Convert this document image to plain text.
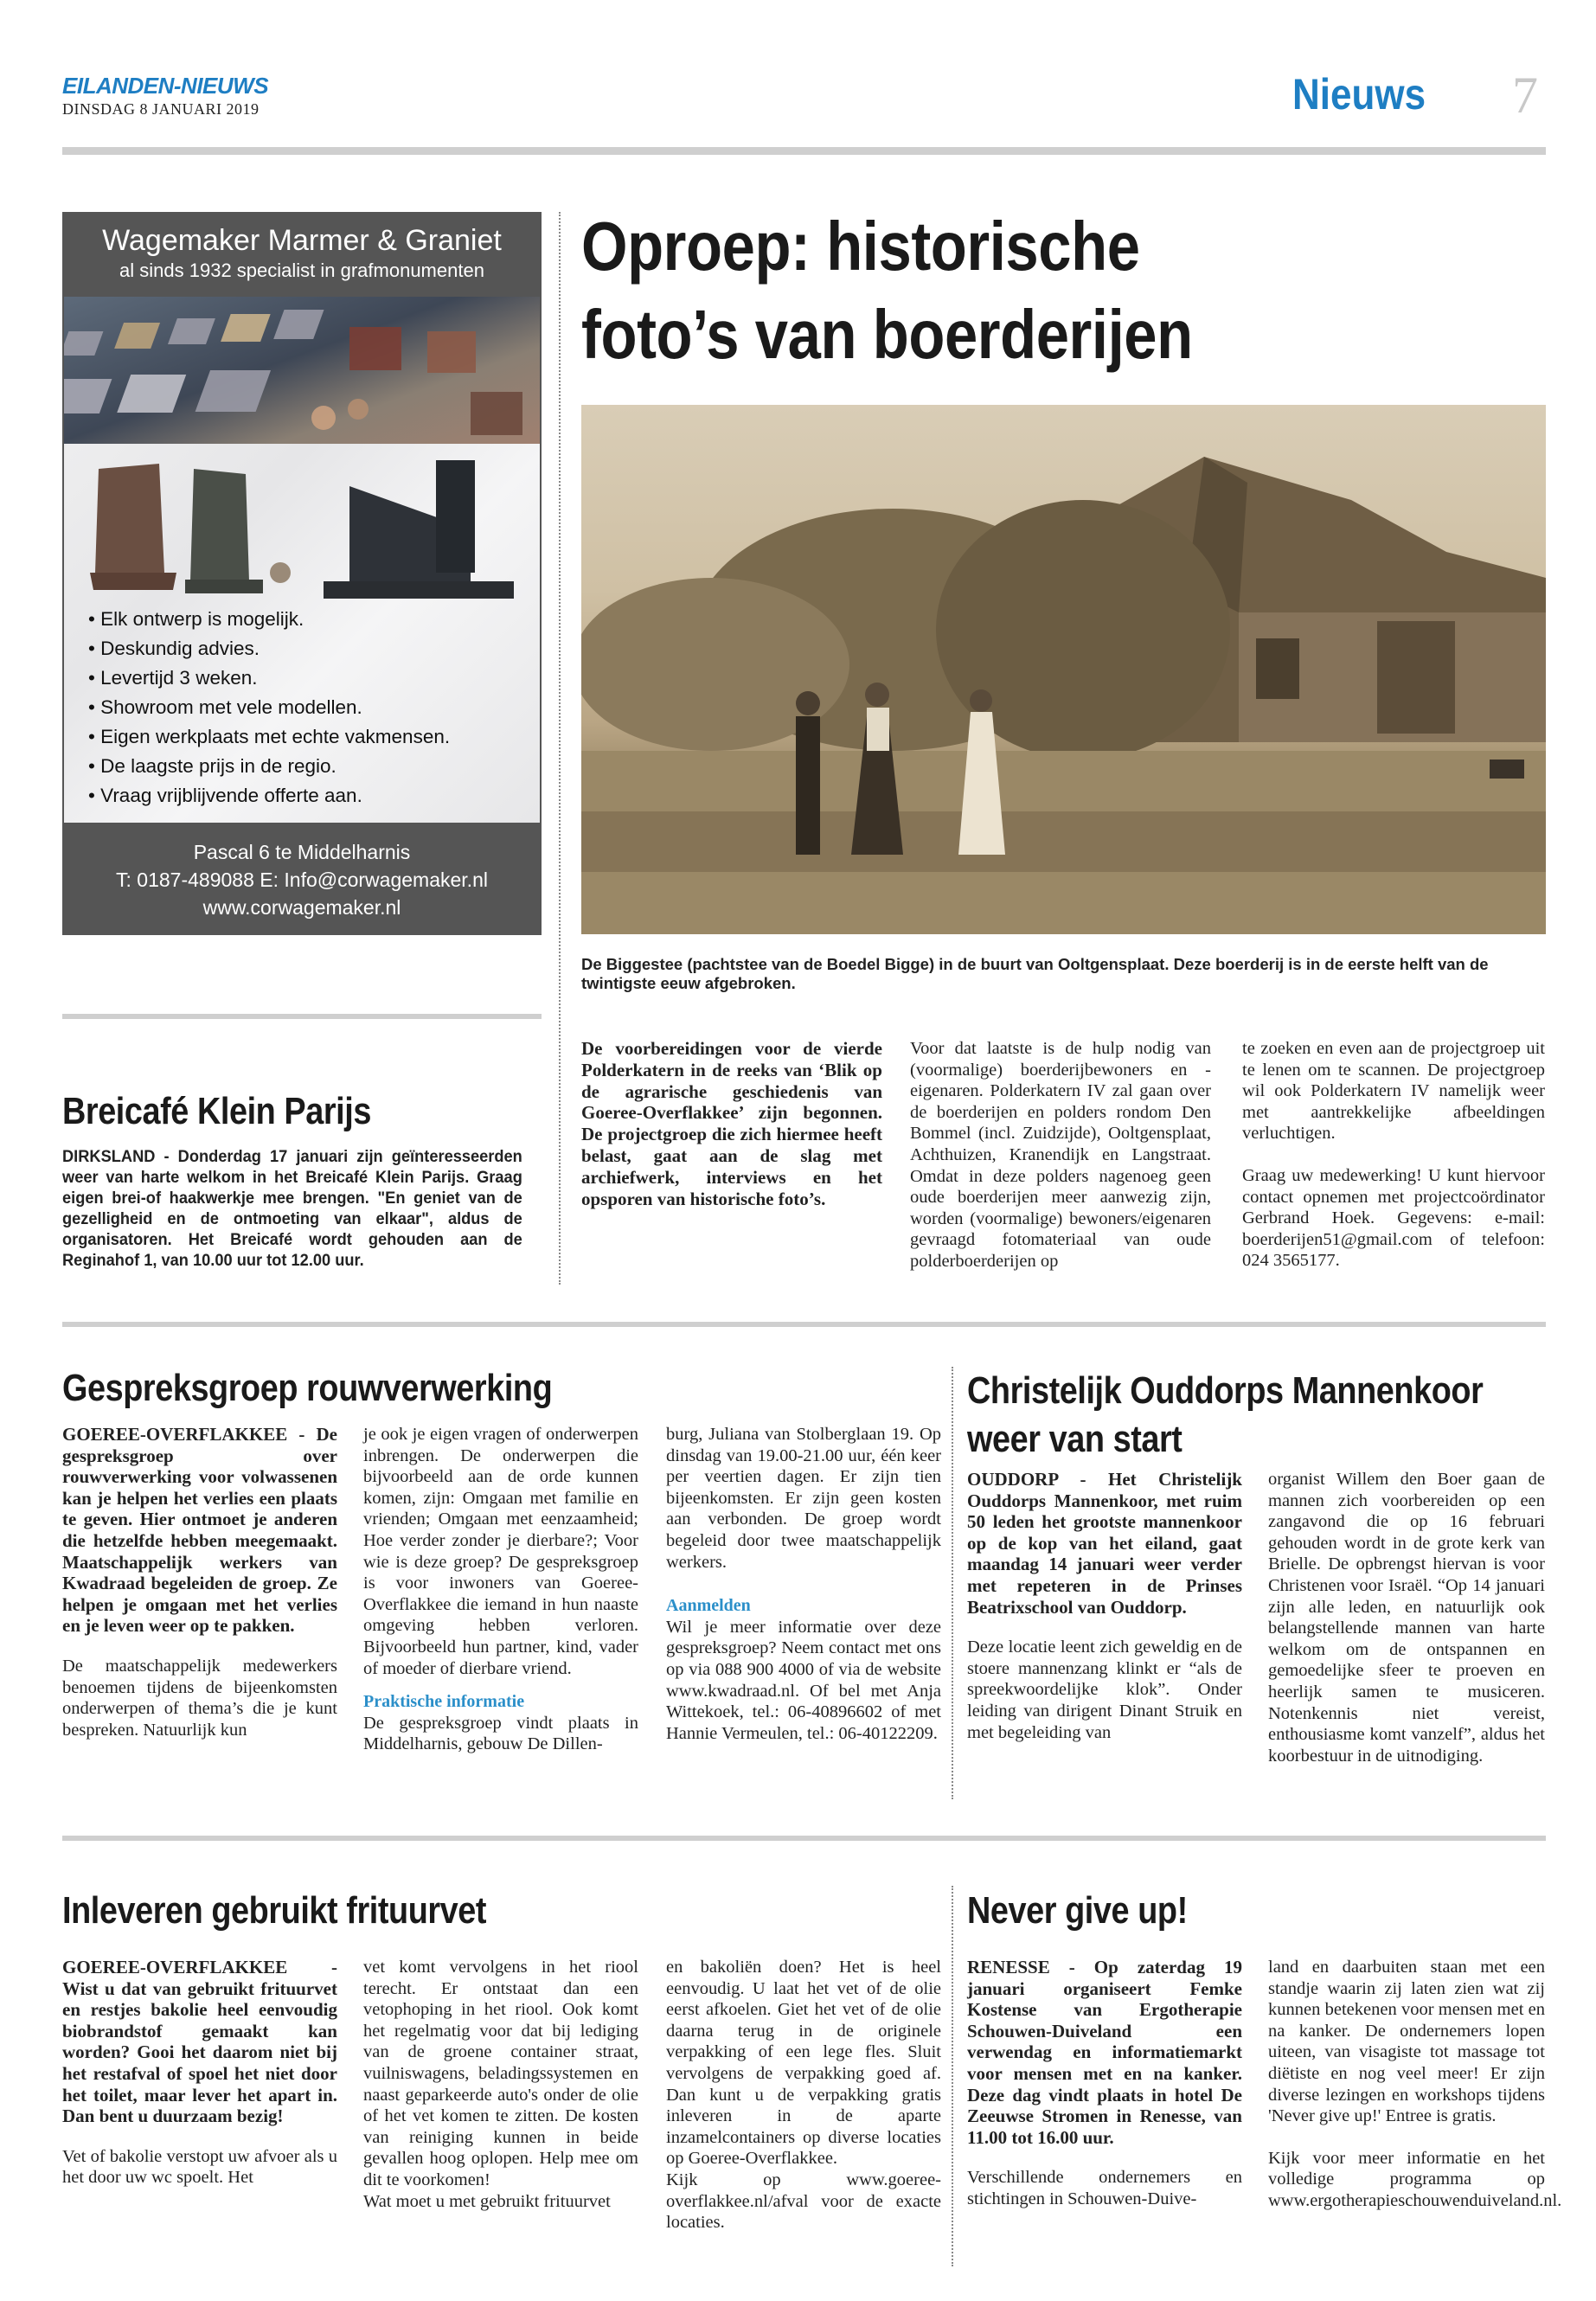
EILANDEN-NIEUWS
DINSDAG 8 JANUARI 2019	Nieuws 7
Wagemaker Marmer & Graniet
al sinds 1932 specialist in grafmonumenten
• Elk ontwerp is mogelijk.
• Deskundig advies.
• Levertijd 3 weken.
• Showroom met vele modellen.
• Eigen werkplaats met echte vakmensen.
• De laagste prijs in de regio.
• Vraag vrijblijvende offerte aan.
Pascal 6 te Middelharnis
T: 0187-489088 E: Info@corwagemaker.nl
www.corwagemaker.nl
Oproep: historische
foto’s van boerderijen
De Biggestee (pachtstee van de Boedel Bigge) in de buurt van Ooltgensplaat. Deze boerderij is in de eerste helft van de twintigste eeuw afgebroken.
De voorbereidingen voor de vierde Polderkatern in de reeks van ‘Blik op de agrarische geschiedenis van Goeree-Overflakkee’ zijn begonnen. De projectgroep die zich hiermee heeft belast, gaat aan de slag met archiefwerk, interviews en het opsporen van historische foto’s.
Voor dat laatste is de hulp nodig van (voormalige) boerderijbewoners en -eigenaren. Polderkatern IV zal gaan over de boerderijen en polders rondom Den Bommel (incl. Zuidzijde), Ooltgensplaat, Achthuizen, Kranendijk en Langstraat. Omdat in deze polders nagenoeg geen oude boerderijen meer aanwezig zijn, worden (voormalige) bewoners/eigenaren gevraagd fotomateriaal van oude polderboerderijen op

te zoeken en even aan de projectgroep uit te lenen om te scannen. De projectgroep wil ook Polderkatern IV namelijk weer met aantrekkelijke afbeeldingen verluchtigen.

Graag uw medewerking! U kunt hiervoor contact opnemen met projectcoördinator Gerbrand Hoek. Gegevens: e-mail: boerderijen51@gmail.com of telefoon: 024 3565177.

Breicafé Klein Parijs
DIRKSLAND - Donderdag 17 januari zijn geïnteresseerden weer van harte welkom in het Breicafé Klein Parijs. Graag eigen brei-of haakwerkje mee brengen. "En geniet van de gezelligheid en de ontmoeting van elkaar", aldus de organisatoren. Het Breicafé wordt gehouden aan de Reginahof 1, van 10.00 uur tot 12.00 uur.
Gespreksgroep rouwverwerking
GOEREE-OVERFLAKKEE - De gespreksgroep over rouwverwerking voor volwassenen kan je helpen het verlies een plaats te geven. Hier ontmoet je anderen die hetzelfde hebben meegemaakt. Maatschappelijk werkers van Kwadraad begeleiden de groep. Ze helpen je omgaan met het verlies en je leven weer op te pakken.
De maatschappelijk medewerkers benoemen tijdens de bijeenkomsten onderwerpen of thema’s die je kunt bespreken. Natuurlijk kun
je ook je eigen vragen of onderwerpen inbrengen. De onderwerpen die bijvoorbeeld aan de orde kunnen komen, zijn: Omgaan met familie en vrienden; Omgaan met eenzaamheid; Hoe verder zonder je dierbare?; Voor wie is deze groep? De gespreksgroep is voor inwoners van Goeree-Overflakkee die iemand in hun naaste omgeving hebben verloren. Bijvoorbeeld hun partner, kind, vader of moeder of dierbare vriend.
Praktische informatie
De gespreksgroep vindt plaats in Middelharnis, gebouw De Dillen-
burg, Juliana van Stolberglaan 19. Op dinsdag van 19.00-21.00 uur, één keer per veertien dagen. Er zijn tien bijeenkomsten. Er zijn geen kosten aan verbonden. De groep wordt begeleid door twee maatschappelijk werkers.
Aanmelden
Wil je meer informatie over deze gespreksgroep? Neem contact met ons op via 088 900 4000 of via de website www.kwadraad.nl. Of bel met Anja Wittekoek, tel.: 06-40896602 of met Hannie Vermeulen, tel.: 06-40122209.
Christelijk Ouddorps Mannenkoor
weer van start
OUDDORP - Het Christelijk Ouddorps Mannenkoor, met ruim 50 leden het grootste mannenkoor op de kop van het eiland, gaat maandag 14 januari weer verder met repeteren in de Prinses Beatrixschool van Ouddorp.
Deze locatie leent zich geweldig en de stoere mannenzang klinkt er “als de spreekwoordelijke klok”. Onder leiding van dirigent Dinant Struik en met begeleiding van
organist Willem den Boer gaan de mannen zich voorbereiden op een zangavond die op 16 februari gehouden wordt in de grote kerk van Brielle. De opbrengst hiervan is voor Christenen voor Israël. “Op 14 januari zijn alle leden, en natuurlijk ook belangstellende mannen van harte welkom om de ontspannen en gemoedelijke sfeer te proeven en heerlijk samen te musiceren. Notenkennis niet vereist, enthousiasme komt vanzelf”, aldus het koorbestuur in de uitnodiging.
Inleveren gebruikt frituurvet
GOEREE-OVERFLAKKEE - Wist u dat van gebruikt frituurvet en restjes bakolie heel eenvoudig biobrandstof gemaakt kan worden? Gooi het daarom niet bij het restafval of spoel het niet door het toilet, maar lever het apart in. Dan bent u duurzaam bezig!
Vet of bakolie verstopt uw afvoer als u het door uw wc spoelt. Het
vet komt vervolgens in het riool terecht. Er ontstaat dan een vetophoping in het riool. Ook komt het regelmatig voor dat bij lediging van de groene container straat, vuilniswagens, beladingssystemen en naast geparkeerde auto's onder de olie of het vet komen te zitten. De kosten van reiniging kunnen in beide gevallen hoog oplopen. Help mee om dit te voorkomen!
Wat moet u met gebruikt frituurvet
en bakoliën doen? Het is heel eenvoudig. U laat het vet of de olie eerst afkoelen. Giet het vet of de olie daarna terug in de originele verpakking of een lege fles. Sluit vervolgens de verpakking goed af. Dan kunt u de verpakking gratis inleveren in de aparte inzamelcontainers op diverse locaties op Goeree-Overflakkee.
Kijk op www.goeree-overflakkee.nl/afval voor de exacte locaties.
Never give up!
RENESSE - Op zaterdag 19 januari organiseert Femke Kostense van Ergotherapie Schouwen-Duiveland een verwendag en informatiemarkt voor mensen met en na kanker. Deze dag vindt plaats in hotel De Zeeuwse Stromen in Renesse, van 11.00 tot 16.00 uur.
Verschillende ondernemers en stichtingen in Schouwen-Duive-

land en daarbuiten staan met een standje waarin zij laten zien wat zij kunnen betekenen voor mensen met en na kanker. De ondernemers lopen uiteen, van visagiste tot massage tot diëtiste en nog veel meer! Er zijn diverse lezingen en workshops tijdens 'Never give up!' Entree is gratis.

Kijk voor meer informatie en het volledige programma op www.ergotherapieschouwenduiveland.nl.
